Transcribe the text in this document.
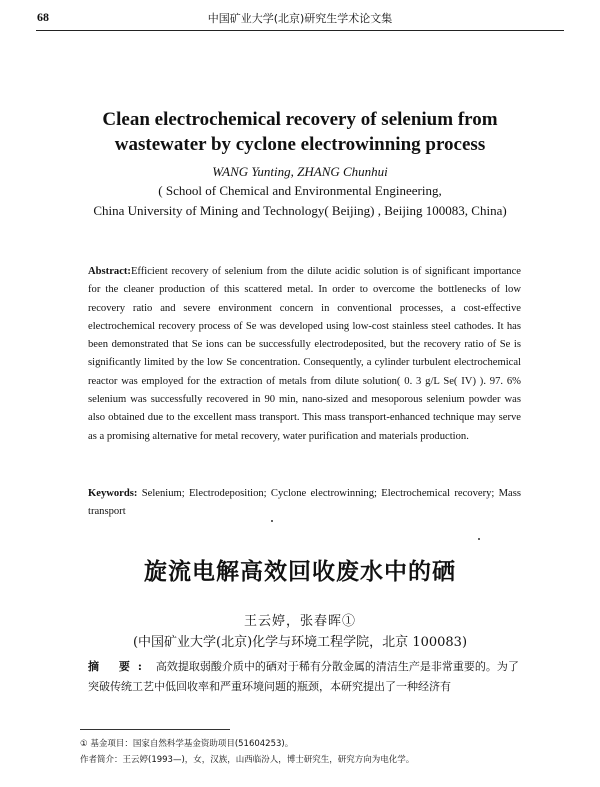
68	中国矿业大学(北京)研究生学术论文集
Clean electrochemical recovery of selenium from
wastewater by cyclone electrowinning process
WANG Yunting, ZHANG Chunhui
( School of Chemical and Environmental Engineering,
China University of Mining and Technology( Beijing) , Beijing 100083, China)

Abstract:Efficient recovery of selenium from the dilute acidic solution is of significant importance for the cleaner production of this scattered metal. In order to overcome the bottlenecks of low recovery ratio and severe environment concern in conventional processes, a cost-effective electrochemical recovery process of Se was developed using low-cost stainless steel cathodes. It has been demonstrated that Se ions can be successfully electrodeposited, but the recovery ratio of Se is significantly limited by the low Se concentration. Consequently, a cylinder turbulent electrochemical reactor was employed for the extraction of metals from dilute solution( 0. 3 g/L Se( IV) ). 97. 6% selenium was successfully recovered in 90 min, nano-sized and mesoporous selenium powder was also obtained due to the excellent mass transport. This mass transport-enhanced technique may serve as a promising alternative for metal recovery, water purification and materials production.

Keywords: Selenium; Electrodeposition; Cyclone electrowinning; Electrochemical recovery; Mass transport

旋流电解高效回收废水中的硒
王云婷，张春晖①
(中国矿业大学(北京)化学与环境工程学院，北京 100083)

摘 要: 高效提取弱酸介质中的硒对于稀有分散金属的清洁生产是非常重要的。为了突破传统工艺中低回收率和严重环境问题的瓶颈，本研究提出了一种经济有

① 基金项目：国家自然科学基金资助项目(51604253)。
作者简介：王云婷(1993—)，女，汉族，山西临汾人，博士研究生，研究方向为电化学。
